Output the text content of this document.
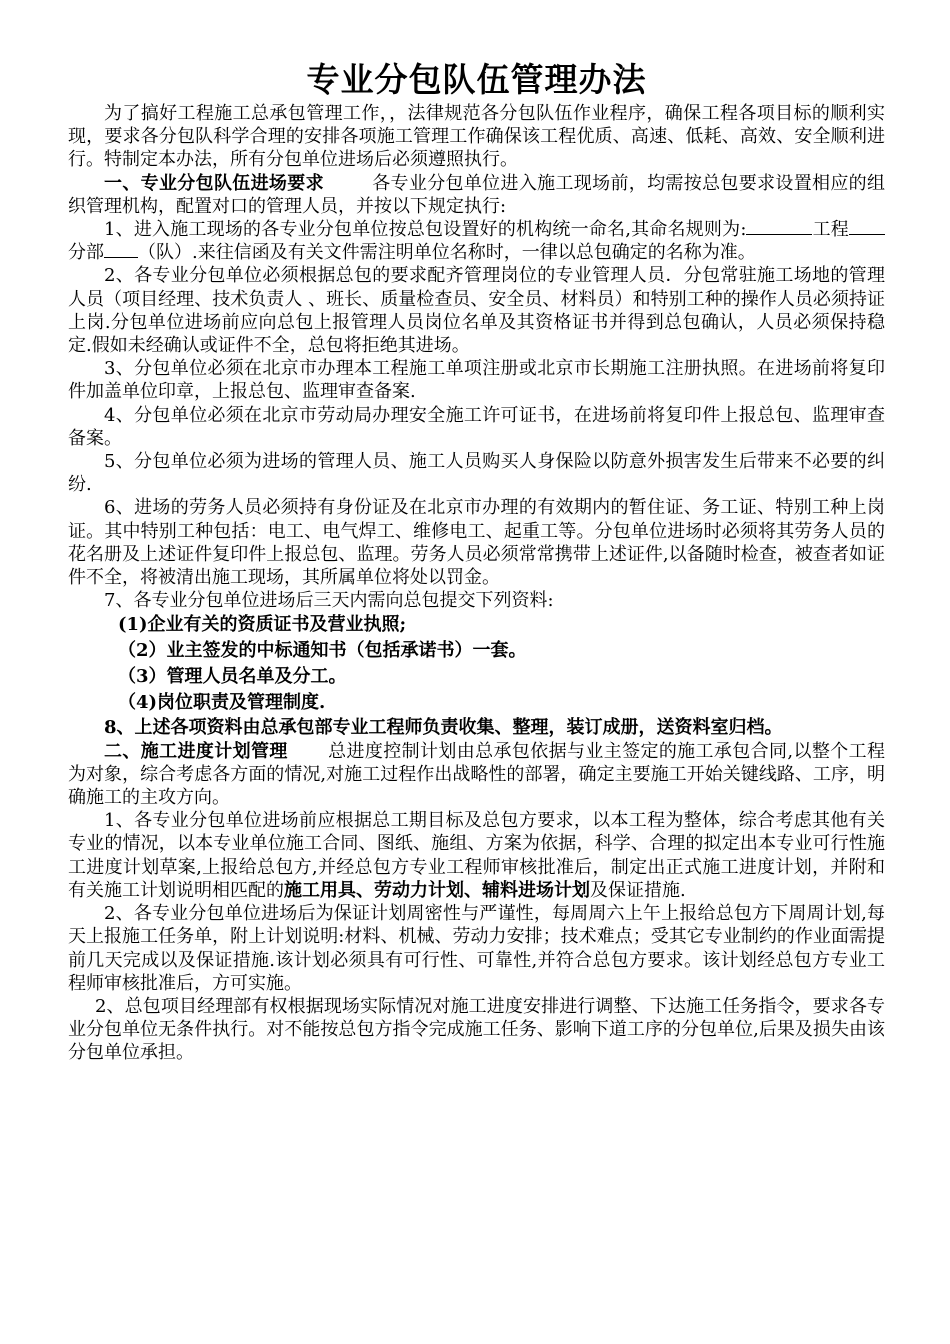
专业分包队伍管理办法

为了搞好工程施工总承包管理工作，，法律规范各分包队伍作业程序，确保工程各项目标的顺利实现，要求各分包队科学合理的安排各项施工管理工作确保该工程优质、高速、低耗、高效、安全顺利进行。特制定本办法，所有分包单位进场后必须遵照执行。

一、专业分包队伍进场要求	各专业分包单位进入施工现场前，均需按总包要求设置相应的组织管理机构，配置对口的管理人员，并按以下规定执行:

1、进入施工现场的各专业分包单位按总包设置好的机构统一命名,其命名规则为:	工程分部 （队）.来往信函及有关文件需注明单位名称时，一律以总包确定的名称为准。

2、各专业分包单位必须根据总包的要求配齐管理岗位的专业管理人员．分包常驻施工场地的管理人员（项目经理、技术负责人 、班长、质量检查员、安全员、材料员）和特别工种的操作人员必须持证上岗.分包单位进场前应向总包上报管理人员岗位名单及其资格证书并得到总包确认，人员必须保持稳定.假如未经确认或证件不全，总包将拒绝其进场。

3、分包单位必须在北京市办理本工程施工单项注册或北京市长期施工注册执照。在进场前将复印件加盖单位印章，上报总包、监理审查备案.

4、分包单位必须在北京市劳动局办理安全施工许可证书，在进场前将复印件上报总包、监理审查备案。

5、分包单位必须为进场的管理人员、施工人员购买人身保险以防意外损害发生后带来不必要的纠纷.

6、进场的劳务人员必须持有身份证及在北京市办理的有效期内的暂住证、务工证、特别工种上岗证。其中特别工种包括：电工、电气焊工、维修电工、起重工等。分包单位进场时必须将其劳务人员的花名册及上述证件复印件上报总包、监理。劳务人员必须常常携带上述证件,以备随时检查，被查者如证件不全，将被清出施工现场，其所属单位将处以罚金。

7、各专业分包单位进场后三天内需向总包提交下列资料:

(1)企业有关的资质证书及营业执照;
（2）业主签发的中标通知书（包括承诺书）一套。
（3）管理人员名单及分工。
（4)岗位职责及管理制度.

8、上述各项资料由总承包部专业工程师负责收集、整理，装订成册，送资料室归档。

二、施工进度计划管理 总进度控制计划由总承包依据与业主签定的施工承包合同,以整个工程为对象，综合考虑各方面的情况,对施工过程作出战略性的部署，确定主要施工开始关键线路、工序，明确施工的主攻方向。

1、各专业分包单位进场前应根据总工期目标及总包方要求，以本工程为整体，综合考虑其他有关专业的情况，以本专业单位施工合同、图纸、施组、方案为依据，科学、合理的拟定出本专业可行性施工进度计划草案,上报给总包方,并经总包方专业工程师审核批准后，制定出正式施工进度计划，并附和有关施工计划说明相匹配的施工用具、劳动力计划、辅料进场计划及保证措施.

2、各专业分包单位进场后为保证计划周密性与严谨性，每周周六上午上报给总包方下周周计划,每天上报施工任务单，附上计划说明:材料、机械、劳动力安排；技术难点；受其它专业制约的作业面需提前几天完成以及保证措施.该计划必须具有可行性、可靠性,并符合总包方要求。该计划经总包方专业工程师审核批准后，方可实施。

2、总包项目经理部有权根据现场实际情况对施工进度安排进行调整、下达施工任务指令，要求各专业分包单位无条件执行。对不能按总包方指令完成施工任务、影响下道工序的分包单位,后果及损失由该分包单位承担。
